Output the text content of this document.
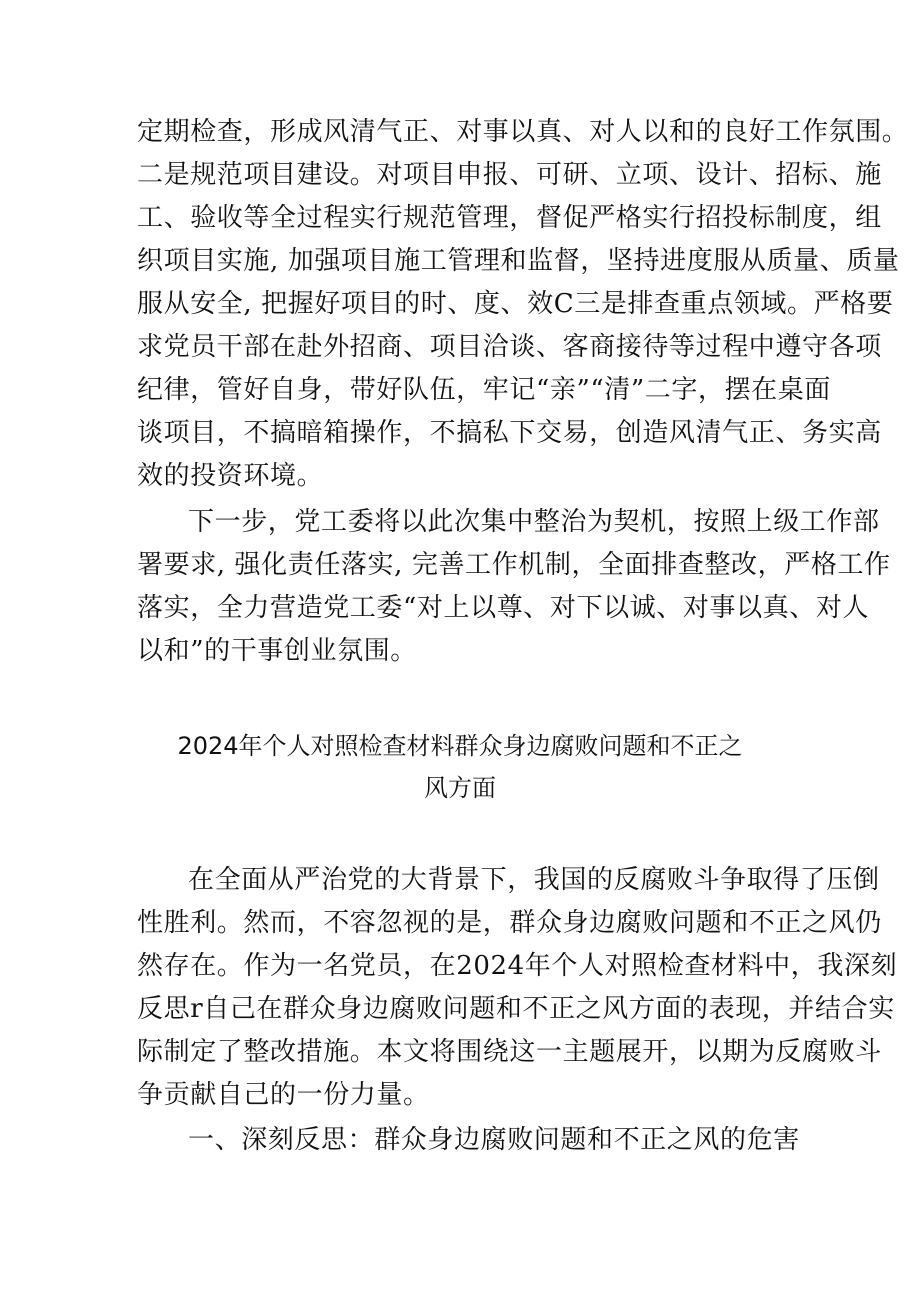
定期检查，形成风清气正、对事以真、对人以和的良好工作氛围。
二是规范项目建设。对项目申报、可研、立项、设计、招标、施
工、验收等全过程实行规范管理，督促严格实行招投标制度，组
织项目实施, 加强项目施工管理和监督，坚持进度服从质量、质量
服从安全, 把握好项目的时、度、效C三是排查重点领域。严格要
求党员干部在赴外招商、项目洽谈、客商接待等过程中遵守各项
纪律，管好自身，带好队伍，牢记“亲”“清”二字，摆在桌面
谈项目，不搞暗箱操作，不搞私下交易，创造风清气正、务实高
效的投资环境。
下一步，党工委将以此次集中整治为契机，按照上级工作部
署要求, 强化责任落实, 完善工作机制，全面排查整改，严格工作
落实，全力营造党工委“对上以尊、对下以诚、对事以真、对人
以和”的干事创业氛围。
2024年个人对照检查材料群众身边腐败问题和不正之
风方面
在全面从严治党的大背景下，我国的反腐败斗争取得了压倒
性胜利。然而，不容忽视的是，群众身边腐败问题和不正之风仍
然存在。作为一名党员，在2024年个人对照检查材料中，我深刻
反思r自己在群众身边腐败问题和不正之风方面的表现，并结合实
际制定了整改措施。本文将围绕这一主题展开，以期为反腐败斗
争贡献自己的一份力量。
一、深刻反思：群众身边腐败问题和不正之风的危害
